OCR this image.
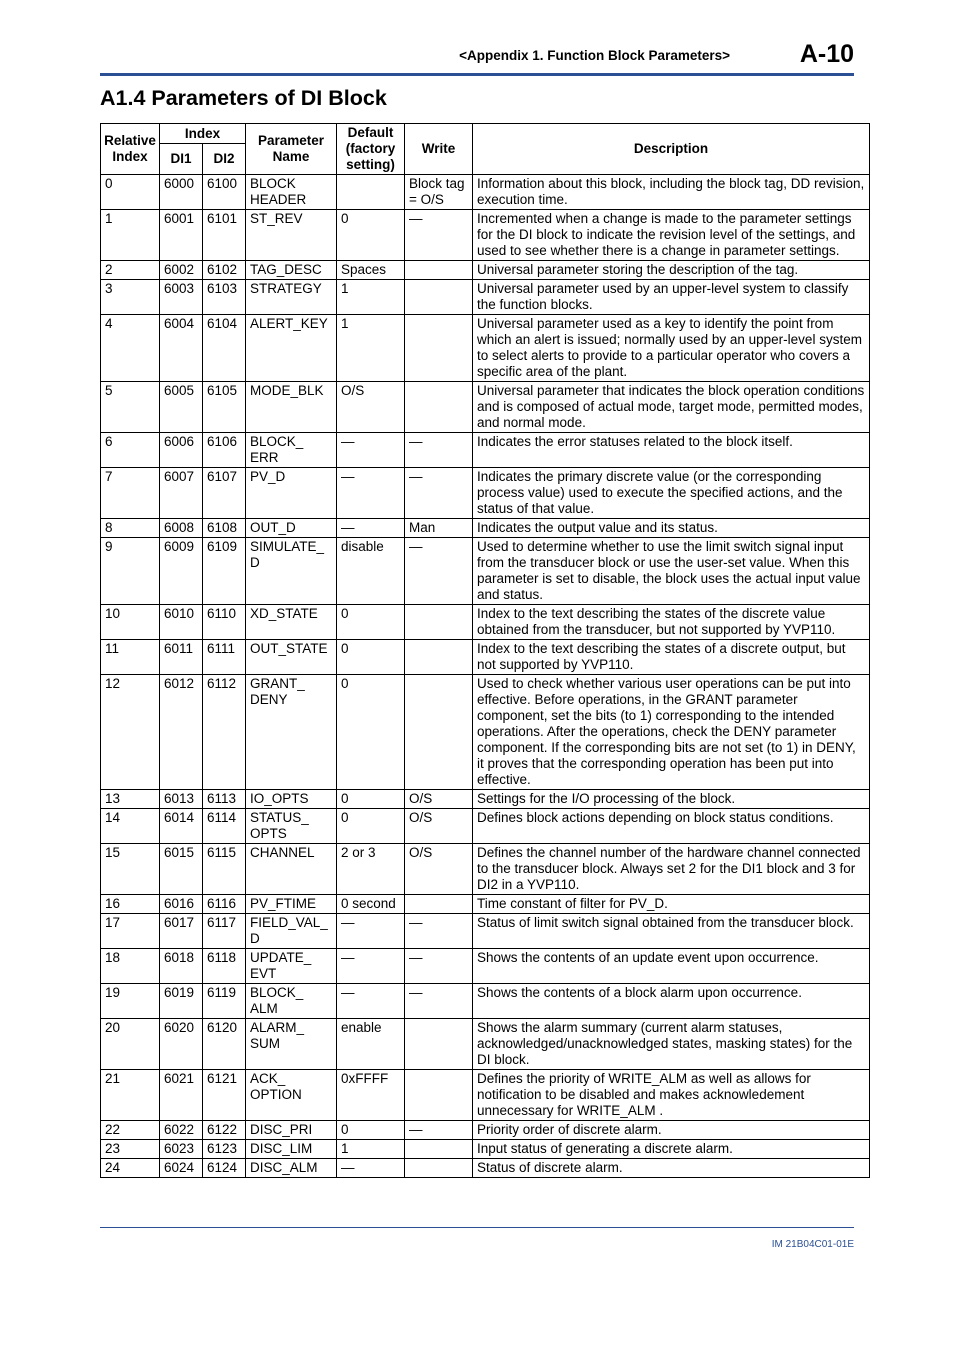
<Appendix 1. Function Block Parameters>	A-10
A1.4 Parameters of DI Block
Relative Index	Index		Parameter Name	Default (factory setting)	Write	Description
	DI1	DI2				
0	6000	6100	BLOCK HEADER		Block tag = O/S	Information about this block, including the block tag, DD revision, execution time.
1	6001	6101	ST_REV	0	—	Incremented when a change is made to the parameter settings for the DI block to indicate the revision level of the settings, and used to see whether there is a change in parameter settings.
2	6002	6102	TAG_DESC	Spaces		Universal parameter storing the description of the tag.
3	6003	6103	STRATEGY	1		Universal parameter used by an upper-level system to classify the function blocks.
4	6004	6104	ALERT_KEY	1		Universal parameter used as a key to identify the point from which an alert is issued; normally used by an upper-level system to select alerts to provide to a particular operator who covers a specific area of the plant.
5	6005	6105	MODE_BLK	O/S		Universal parameter that indicates the block operation conditions and is composed of actual mode, target mode, permitted modes, and normal mode.
6	6006	6106	BLOCK_ ERR	—	—	Indicates the error statuses related to the block itself.
7	6007	6107	PV_D	—	—	Indicates the primary discrete value (or the corresponding process value) used to execute the specified actions, and the status of that value.
8	6008	6108	OUT_D	—	Man	Indicates the output value and its status.
9	6009	6109	SIMULATE_ D	disable	—	Used to determine whether to use the limit switch signal input from the transducer block or use the user-set value. When this parameter is set to disable, the block uses the actual input value and status.
10	6010	6110	XD_STATE	0		Index to the text describing the states of the discrete value obtained from the transducer, but not supported by YVP110.
11	6011	6111	OUT_STATE	0		Index to the text describing the states of a discrete output, but not supported by YVP110.
12	6012	6112	GRANT_ DENY	0		Used to check whether various user operations can be put into effective. Before operations, in the GRANT parameter component, set the bits (to 1) corresponding to the intended operations. After the operations, check the DENY parameter component. If the corresponding bits are not set (to 1) in DENY, it proves that the corresponding operation has been put into effective.
13	6013	6113	IO_OPTS	0	O/S	Settings for the I/O processing of the block.
14	6014	6114	STATUS_ OPTS	0	O/S	Defines block actions depending on block status conditions.
15	6015	6115	CHANNEL	2 or 3	O/S	Defines the channel number of the hardware channel connected to the transducer block. Always set 2 for the DI1 block and 3 for DI2 in a YVP110.
16	6016	6116	PV_FTIME	0 second		Time constant of filter for PV_D.
17	6017	6117	FIELD_VAL_ D	—	—	Status of limit switch signal obtained from the transducer block.
18	6018	6118	UPDATE_ EVT	—	—	Shows the contents of an update event upon occurrence.
19	6019	6119	BLOCK_ ALM	—	—	Shows the contents of a block alarm upon occurrence.
20	6020	6120	ALARM_ SUM	enable		Shows the alarm summary (current alarm statuses, acknowledged/unacknowledged states, masking states) for the DI block.
21	6021	6121	ACK_ OPTION	0xFFFF		Defines the priority of WRITE_ALM as well as allows for notification to be disabled and makes acknowledement unnecessary for WRITE_ALM .
22	6022	6122	DISC_PRI	0	—	Priority order of discrete alarm.
23	6023	6123	DISC_LIM	1		Input status of generating a discrete alarm.
24	6024	6124	DISC_ALM	—		Status of discrete alarm.
IM 21B04C01-01E
